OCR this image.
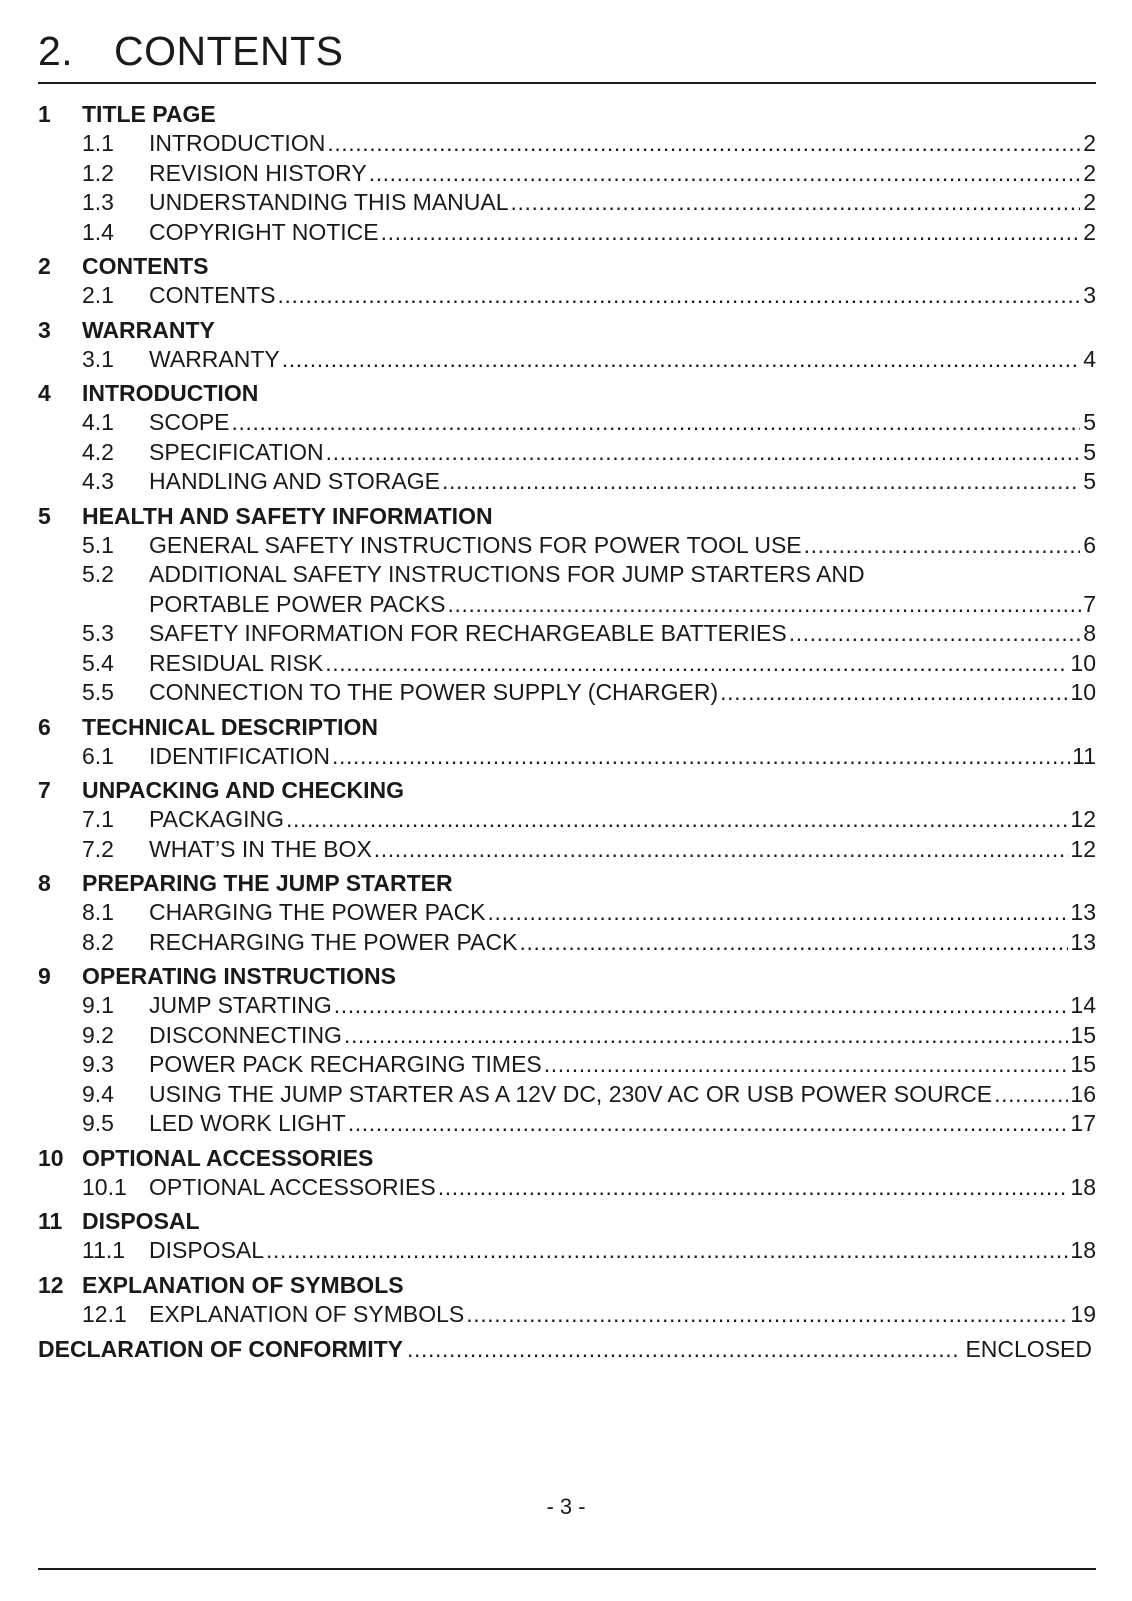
2. CONTENTS
1	TITLE PAGE
1.1	INTRODUCTION .....	2
1.2	REVISION HISTORY .....	2
1.3	UNDERSTANDING THIS MANUAL .....	2
1.4	COPYRIGHT NOTICE .....	2
2	CONTENTS
2.1	CONTENTS .....	3
3	WARRANTY
3.1	WARRANTY .....	4
4	INTRODUCTION
4.1	SCOPE .....	5
4.2	SPECIFICATION .....	5
4.3	HANDLING AND STORAGE .....	5
5	HEALTH AND SAFETY INFORMATION
5.1	GENERAL SAFETY INSTRUCTIONS FOR POWER TOOL USE .....	6
5.2	ADDITIONAL SAFETY INSTRUCTIONS FOR JUMP STARTERS AND
PORTABLE POWER PACKS .....	7
5.3	SAFETY INFORMATION FOR RECHARGEABLE BATTERIES .....	8
5.4	RESIDUAL RISK .....	10
5.5	CONNECTION TO THE POWER SUPPLY (CHARGER) .....	10
6	TECHNICAL DESCRIPTION
6.1	IDENTIFICATION .....	11
7	UNPACKING AND CHECKING
7.1	PACKAGING .....	12
7.2	WHAT’S IN THE BOX .....	12
8	PREPARING THE JUMP STARTER
8.1	CHARGING THE POWER PACK .....	13
8.2	RECHARGING THE POWER PACK .....	13
9	OPERATING INSTRUCTIONS
9.1	JUMP STARTING .....	14
9.2	DISCONNECTING .....	15
9.3	POWER PACK RECHARGING TIMES .....	15
9.4	USING THE JUMP STARTER AS A 12V DC, 230V AC OR USB POWER SOURCE .....	16
9.5	LED WORK LIGHT .....	17
10 OPTIONAL ACCESSORIES
10.1 OPTIONAL ACCESSORIES .....	18
11 DISPOSAL
11.1	DISPOSAL .....	18
12 EXPLANATION OF SYMBOLS
12.1 EXPLANATION OF SYMBOLS .....	19
DECLARATION OF CONFORMITY .....	ENCLOSED
- 3 -
